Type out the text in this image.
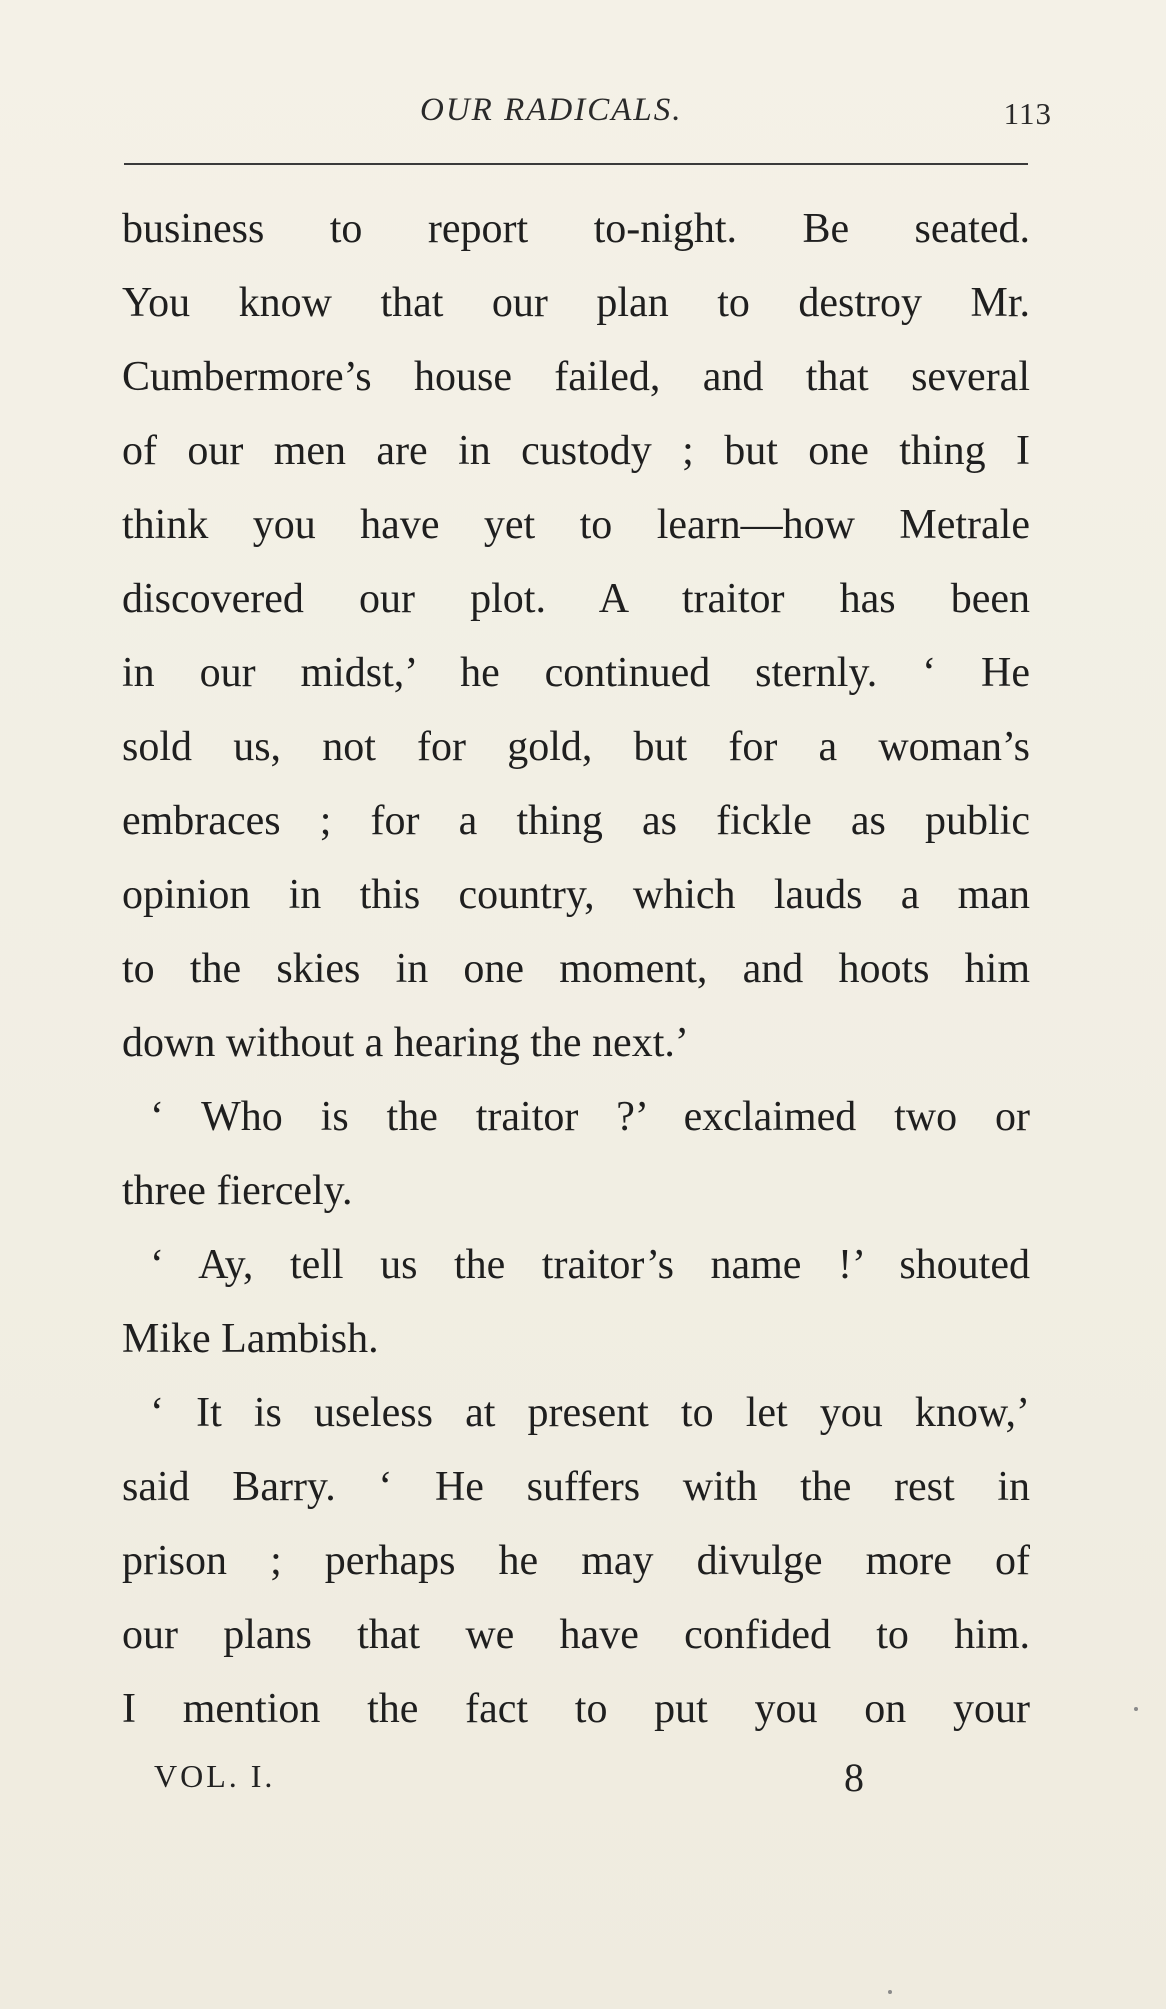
OUR RADICALS.	113
business to report to-night. Be seated.
You know that our plan to destroy Mr.
Cumbermore’s house failed, and that several
of our men are in custody ; but one thing I
think you have yet to learn—how Metrale
discovered our plot. A traitor has been
in our midst,’ he continued sternly. ‘ He
sold us, not for gold, but for a woman’s
embraces ; for a thing as fickle as public
opinion in this country, which lauds a man
to the skies in one moment, and hoots him
down without a hearing the next.’
‘ Who is the traitor ?’ exclaimed two or
three fiercely.
‘ Ay, tell us the traitor’s name !’ shouted
Mike Lambish.
‘ It is useless at present to let you know,’
said Barry. ‘ He suffers with the rest in
prison ; perhaps he may divulge more of
our plans that we have confided to him.
I mention the fact to put you on your
VOL. I.	8
